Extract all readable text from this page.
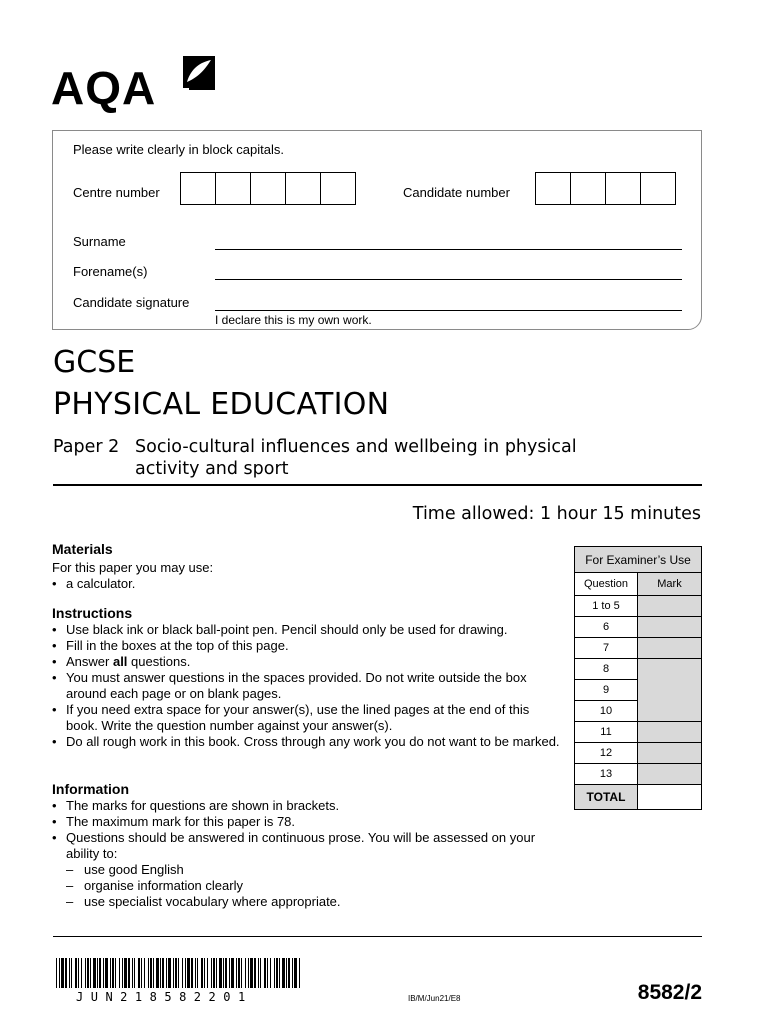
AQA
Please write clearly in block capitals.
Centre number	Candidate number
Surname
Forename(s)
Candidate signature
I declare this is my own work.
GCSE
PHYSICAL EDUCATION
Paper 2 Socio-cultural influences and wellbeing in physical activity and sport
Time allowed: 1 hour 15 minutes
Materials
For this paper you may use:
• a calculator.
Instructions
• Use black ink or black ball-point pen. Pencil should only be used for drawing.
• Fill in the boxes at the top of this page.
• Answer all questions.
• You must answer questions in the spaces provided. Do not write outside the box around each page or on blank pages.
• If you need extra space for your answer(s), use the lined pages at the end of this book. Write the question number against your answer(s).
• Do all rough work in this book. Cross through any work you do not want to be marked.
Information
• The marks for questions are shown in brackets.
• The maximum mark for this paper is 78.
• Questions should be answered in continuous prose. You will be assessed on your ability to:
– use good English
– organise information clearly
– use specialist vocabulary where appropriate.
For Examiner’s Use	
Question	Mark
1 to 5	
6	
7	
8	
9	
10	
11	
12	
13	
TOTAL	
JUN218582201	IB/M/Jun21/E8	8582/2
